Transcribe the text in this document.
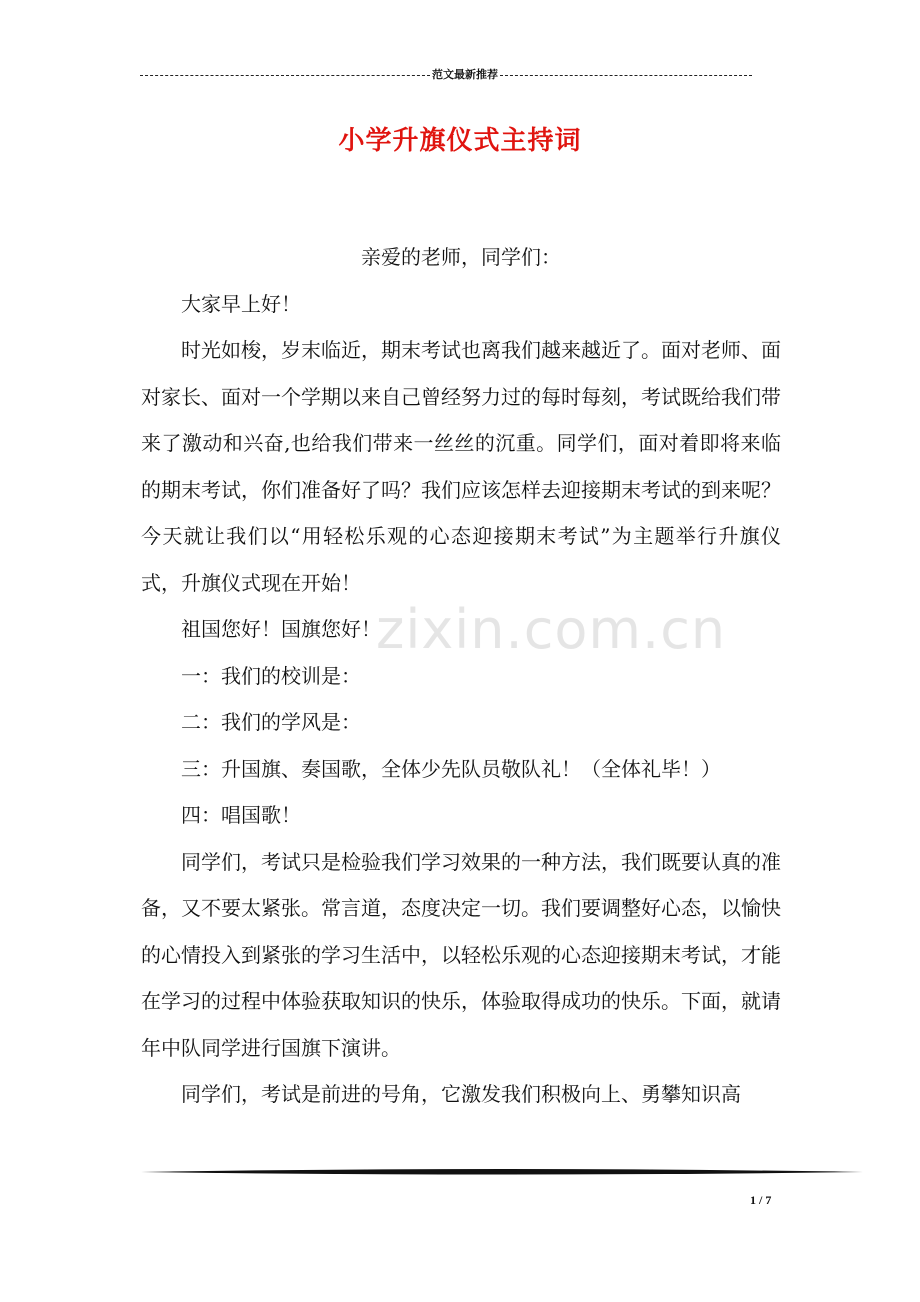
范文最新推荐
小学升旗仪式主持词

亲爱的老师，同学们：

大家早上好！

时光如梭，岁末临近，期末考试也离我们越来越近了。面对老师、面对家长、面对一个学期以来自己曾经努力过的每时每刻，考试既给我们带来了激动和兴奋,也给我们带来一丝丝的沉重。同学们，面对着即将来临的期末考试，你们准备好了吗？我们应该怎样去迎接期末考试的到来呢？今天就让我们以“用轻松乐观的心态迎接期末考试”为主题举行升旗仪式，升旗仪式现在开始！

祖国您好！国旗您好！

一：我们的校训是：

二：我们的学风是：

三：升国旗、奏国歌，全体少先队员敬队礼！（全体礼毕！）

四：唱国歌！

同学们，考试只是检验我们学习效果的一种方法，我们既要认真的准备，又不要太紧张。常言道，态度决定一切。我们要调整好心态，以愉快的心情投入到紧张的学习生活中，以轻松乐观的心态迎接期末考试，才能在学习的过程中体验获取知识的快乐，体验取得成功的快乐。下面，就请年中队同学进行国旗下演讲。

同学们，考试是前进的号角，它激发我们积极向上、勇攀知识高

zixin.com.cn
1 / 7
